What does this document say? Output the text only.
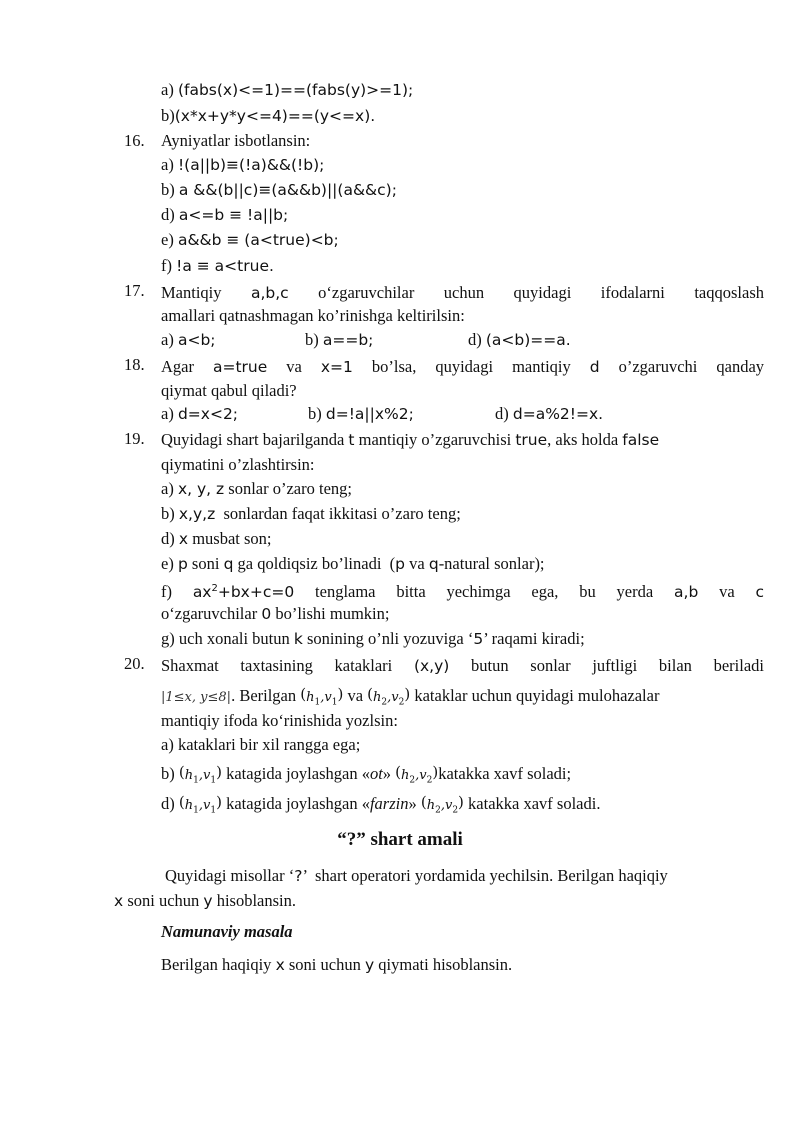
a) (fabs(x)<=1)==(fabs(y)>=1);
b)(x*x+y*y<=4)==(y<=x).
16. Ayniyatlar isbotlansin:
a) !(a||b)≡(!a)&&(!b);
b) a &&(b||c)≡(a&&b)||(a&&c);
d) a<=b ≡ !a||b;
e) a&&b ≡ (a<true)<b;
f) !a ≡ a<true.
17. Mantiqiy a,b,c o‘zgaruvchilar uchun quyidagi ifodalarni taqqoslash
amallari qatnashmagan ko’rinishga keltirilsin:
a) a<b;	b) a==b;	d) (a<b)==a.
18. Agar a=true va x=1 bo’lsa, quyidagi mantiqiy d o’zgaruvchi qanday
qiymat qabul qiladi?
a) d=x<2;	b) d=!a||x%2;	d) d=a%2!=x.
19. Quyidagi shart bajarilganda t mantiqiy o’zgaruvchisi true, aks holda false
qiymatini o’zlashtirsin:
a) x, y, z sonlar o’zaro teng;
b) x,y,z  sonlardan faqat ikkitasi o’zaro teng;
d) x musbat son;
e) p soni q ga qoldiqsiz bo’linadi  (p va q-natural sonlar);
f) $ax^2+bx+c=0$ tenglama bitta yechimga ega, bu yerda a,b va c
o‘zgaruvchilar 0 bo’lishi mumkin;
g) uch xonali butun k sonining o’nli yozuviga ‘5’ raqami kiradi;
20. Shaxmat taxtasining kataklari (x,y) butun sonlar juftligi bilan beriladi
|1≤x, y≤8|. Berilgan $(h_1,v_1)$ va $(h_2,v_2)$ kataklar uchun quyidagi mulohazalar
mantiqiy ifoda ko‘rinishida yozlsin:
a) kataklari bir xil rangga ega;
b) $(h_1,v_1)$ katagida joylashgan «ot» $(h_2,v_2)katakka$ xavf soladi;
d) $(h_1,v_1)$ katagida joylashgan «farzin» $(h_2,v_2)$ katakka xavf soladi.
“?” shart amali
Quyidagi misollar ‘?’  shart operatori yordamida yechilsin. Berilgan haqiqiy
x soni uchun y hisoblansin.
Namunaviy masala
Berilgan haqiqiy x soni uchun y qiymati hisoblansin.
